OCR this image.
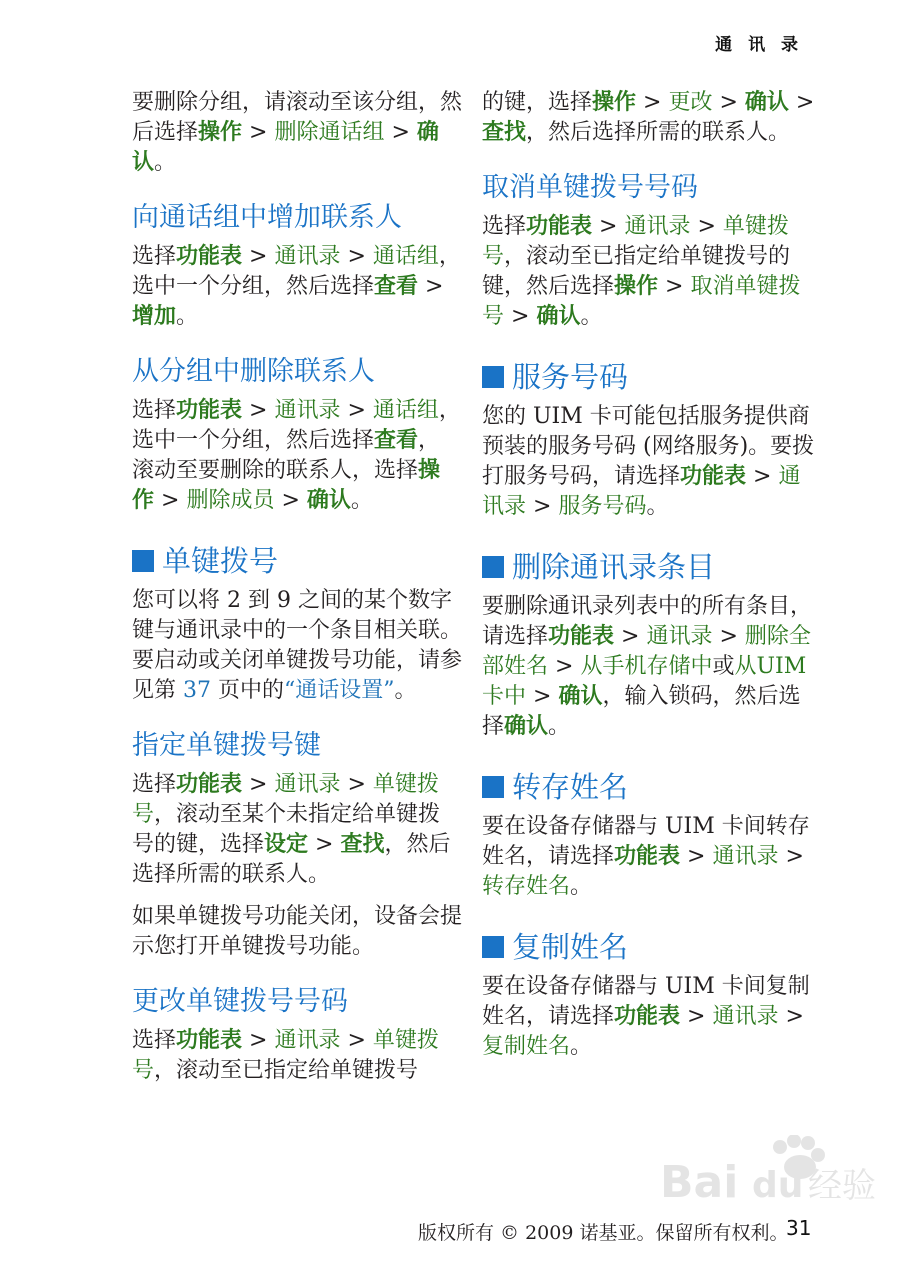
通 讯 录

要删除分组，请滚动至该分组，然后选择操作 > 删除通话组 > 确认。

向通话组中增加联系人

选择功能表 > 通讯录 > 通话组，选中一个分组，然后选择查看 > 增加。

从分组中删除联系人

选择功能表 > 通讯录 > 通话组，选中一个分组，然后选择查看，滚动至要删除的联系人，选择操作 > 删除成员 > 确认。

单键拨号

您可以将 2 到 9 之间的某个数字键与通讯录中的一个条目相关联。要启动或关闭单键拨号功能，请参见第 37 页中的“通话设置”。

指定单键拨号键

选择功能表 > 通讯录 > 单键拨号，滚动至某个未指定给单键拨号的键，选择设定 > 查找，然后选择所需的联系人。

如果单键拨号功能关闭，设备会提示您打开单键拨号功能。

更改单键拨号号码

选择功能表 > 通讯录 > 单键拨号，滚动至已指定给单键拨号

的键，选择操作 > 更改 > 确认 > 查找，然后选择所需的联系人。

取消单键拨号号码

选择功能表 > 通讯录 > 单键拨号，滚动至已指定给单键拨号的键，然后选择操作 > 取消单键拨号 > 确认。

服务号码

您的 UIM 卡可能包括服务提供商预装的服务号码 (网络服务)。要拨打服务号码，请选择功能表 > 通讯录 > 服务号码。

删除通讯录条目

要删除通讯录列表中的所有条目，请选择功能表 > 通讯录 > 删除全部姓名 > 从手机存储中或从UIM卡中 > 确认，输入锁码，然后选择确认。

转存姓名

要在设备存储器与 UIM 卡间转存姓名，请选择功能表 > 通讯录 > 转存姓名。

复制姓名

要在设备存储器与 UIM 卡间复制姓名，请选择功能表 > 通讯录 > 复制姓名。

Bai du 经验
版权所有 © 2009 诺基亚。保留所有权利。
31
